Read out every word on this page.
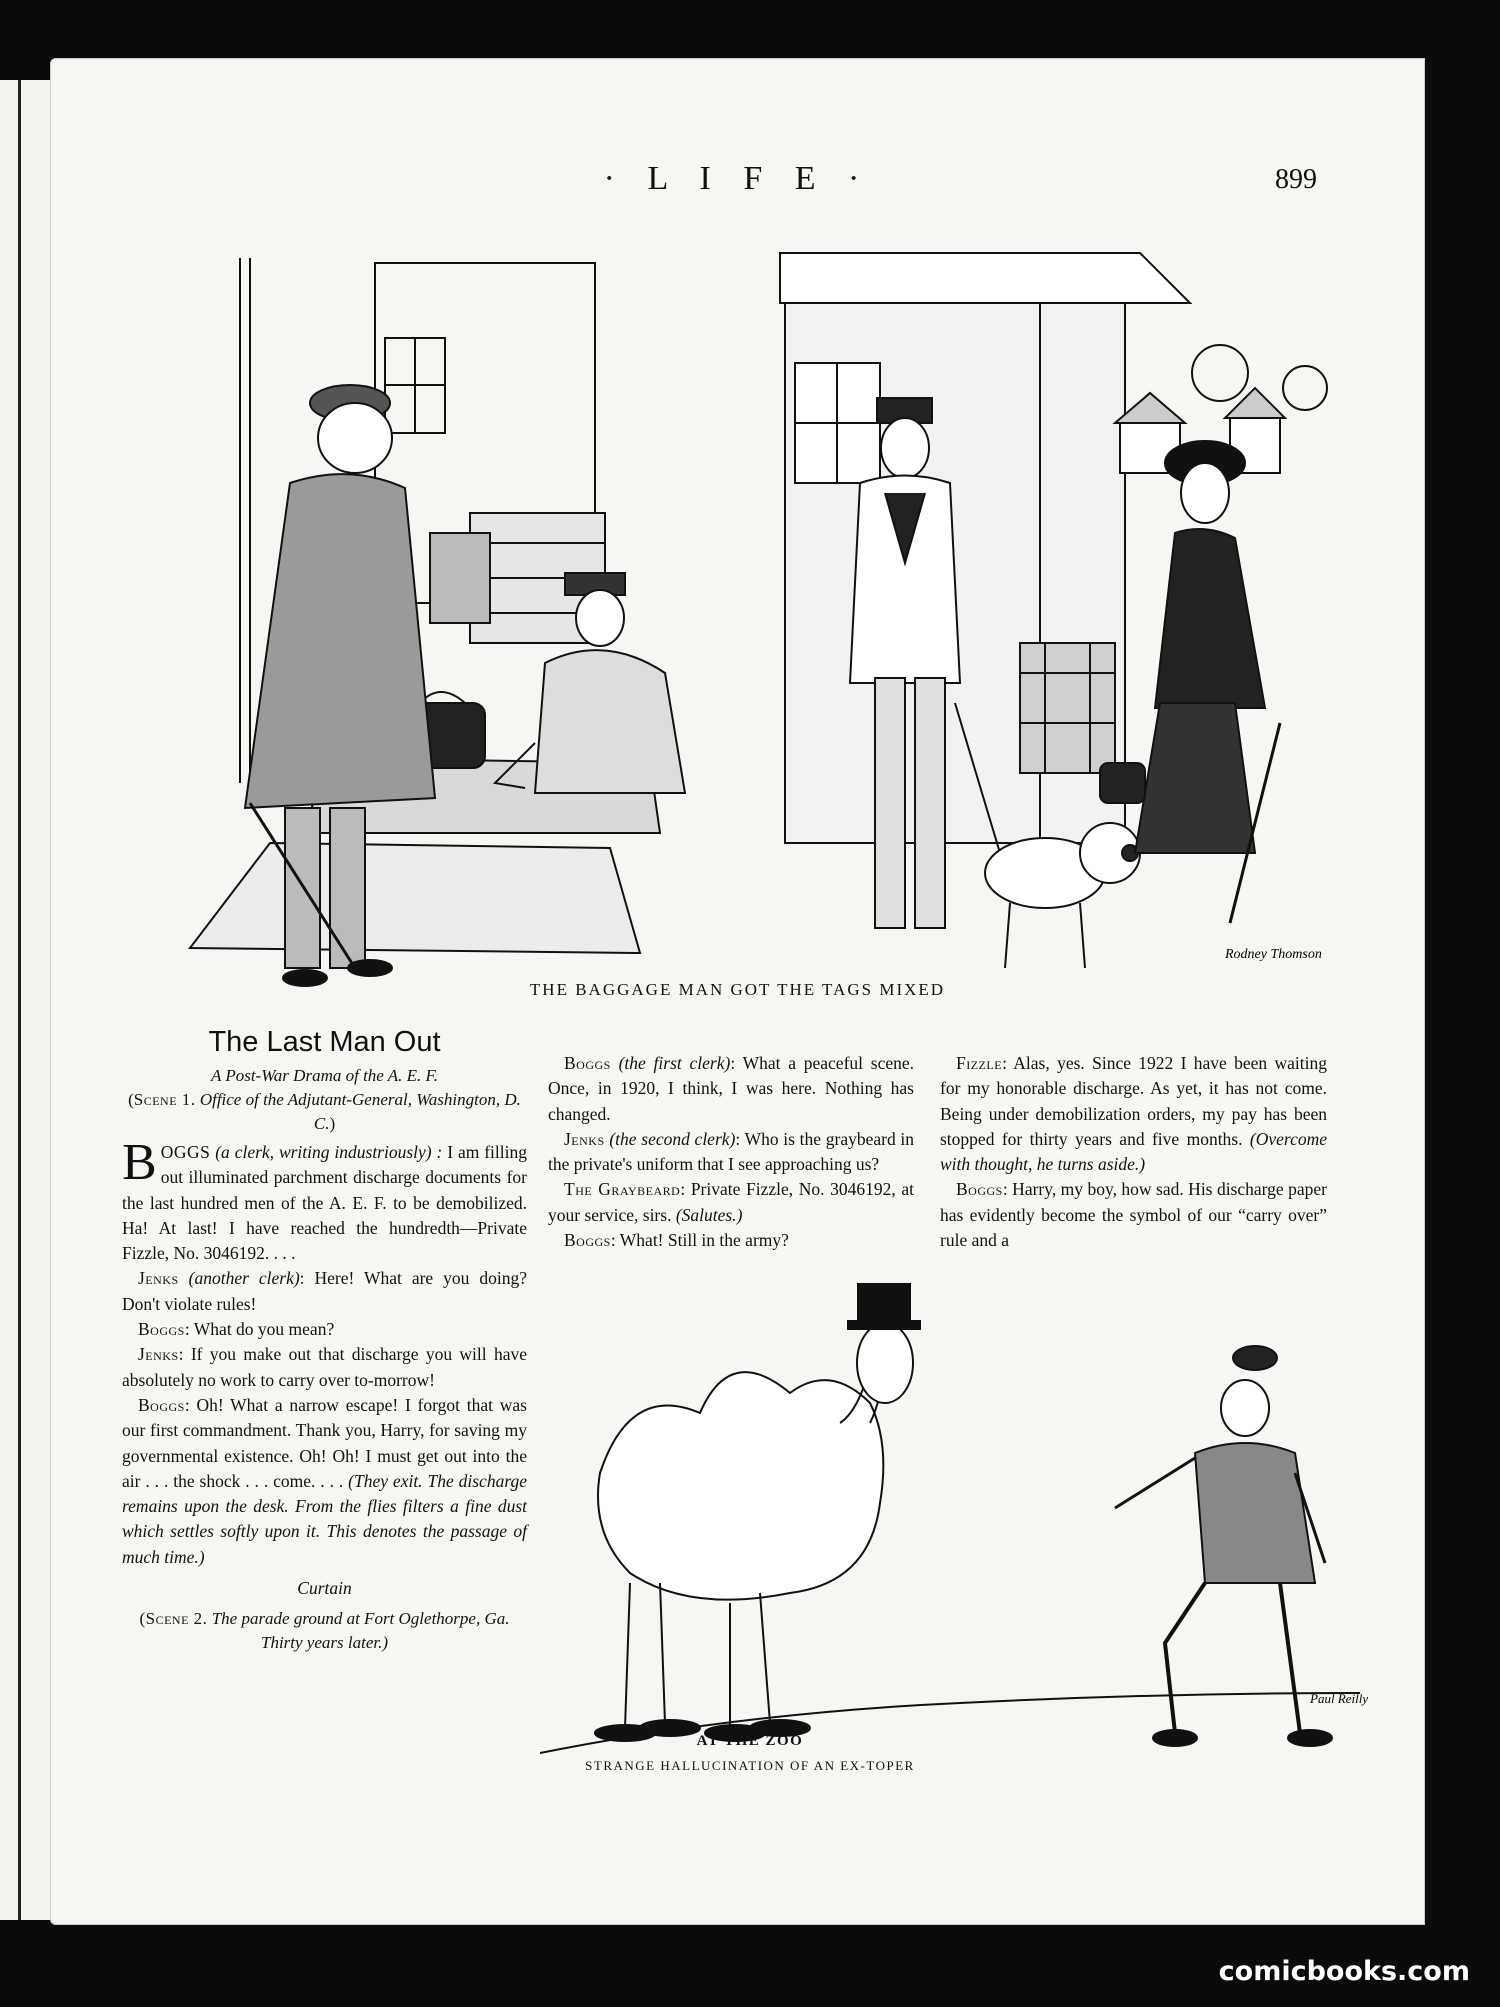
· L I F E ·	899
Rodney Thomson
THE BAGGAGE MAN GOT THE TAGS MIXED
The Last Man Out
A Post-War Drama of the A. E. F.
(Scene 1. Office of the Adjutant-General, Washington, D. C.)

BOGGS (a clerk, writing industriously) : I am filling out illuminated parchment discharge documents for the last hundred men of the A. E. F. to be demobilized. Ha! At last! I have reached the hundredth—Private Fizzle, No. 3046192. . . .

Jenks (another clerk): Here! What are you doing? Don't violate rules!

Boggs: What do you mean?

Jenks: If you make out that discharge you will have absolutely no work to carry over to-morrow!

Boggs: Oh! What a narrow escape! I forgot that was our first commandment. Thank you, Harry, for saving my governmental existence. Oh! Oh! I must get out into the air . . . the shock . . . come. . . . (They exit. The discharge remains upon the desk. From the flies filters a fine dust which settles softly upon it. This denotes the passage of much time.)

Curtain
(Scene 2. The parade ground at Fort Oglethorpe, Ga. Thirty years later.)

Boggs (the first clerk): What a peaceful scene. Once, in 1920, I think, I was here. Nothing has changed.

Jenks (the second clerk): Who is the graybeard in the private's uniform that I see approaching us?

The Graybeard: Private Fizzle, No. 3046192, at your service, sirs. (Salutes.)

Boggs: What! Still in the army?

Fizzle: Alas, yes. Since 1922 I have been waiting for my honorable discharge. As yet, it has not come. Being under demobilization orders, my pay has been stopped for thirty years and five months. (Overcome with thought, he turns aside.)

Boggs: Harry, my boy, how sad. His discharge paper has evidently become the symbol of our “carry over” rule and a

Paul Reilly
AT THE ZOO
STRANGE HALLUCINATION OF AN EX-TOPER
comicbooks.com
